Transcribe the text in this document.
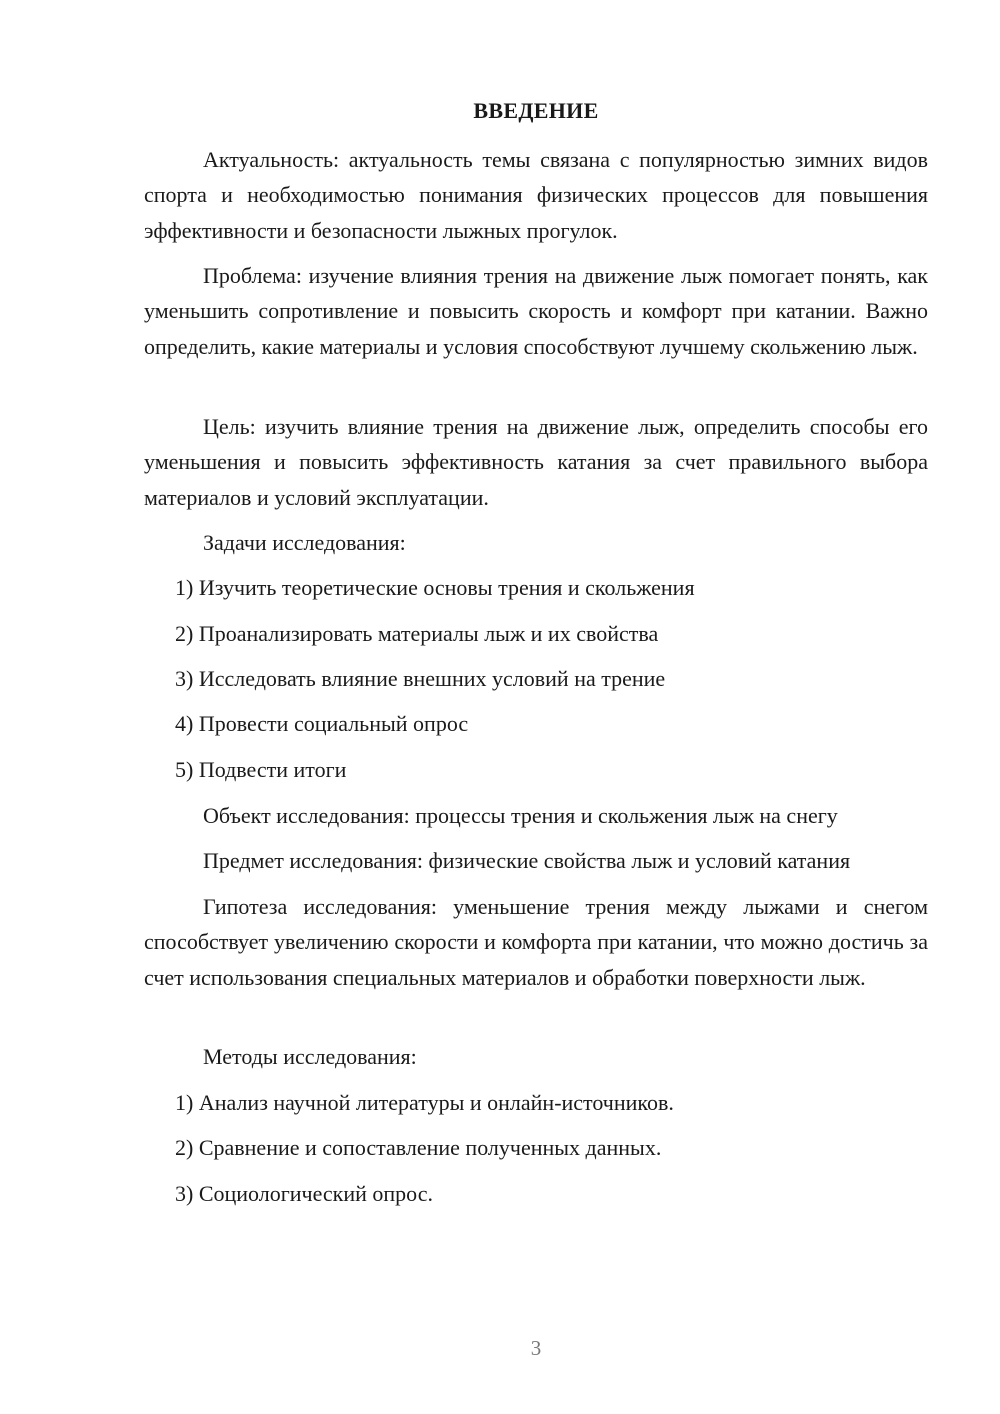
ВВЕДЕНИЕ

Актуальность: актуальность темы связана с популярностью зимних видов спорта и необходимостью понимания физических процессов для повышения эффективности и безопасности лыжных прогулок.

Проблема: изучение влияния трения на движение лыж помогает понять, как уменьшить сопротивление и повысить скорость и комфорт при катании. Важно определить, какие материалы и условия способствуют лучшему скольжению лыж.

Цель: изучить влияние трения на движение лыж, определить способы его уменьшения и повысить эффективность катания за счет правильного выбора материалов и условий эксплуатации.

Задачи исследования:
1) Изучить теоретические основы трения и скольжения
2) Проанализировать материалы лыж и их свойства
3) Исследовать влияние внешних условий на трение
4) Провести социальный опрос
5) Подвести итоги
Объект исследования: процессы трения и скольжения лыж на снегу
Предмет исследования: физические свойства лыж и условий катания

Гипотеза исследования: уменьшение трения между лыжами и снегом способствует увеличению скорости и комфорта при катании, что можно достичь за счет использования специальных материалов и обработки поверхности лыж.

Методы исследования:
1) Анализ научной литературы и онлайн-источников.
2) Сравнение и сопоставление полученных данных.
3) Социологический опрос.
3
